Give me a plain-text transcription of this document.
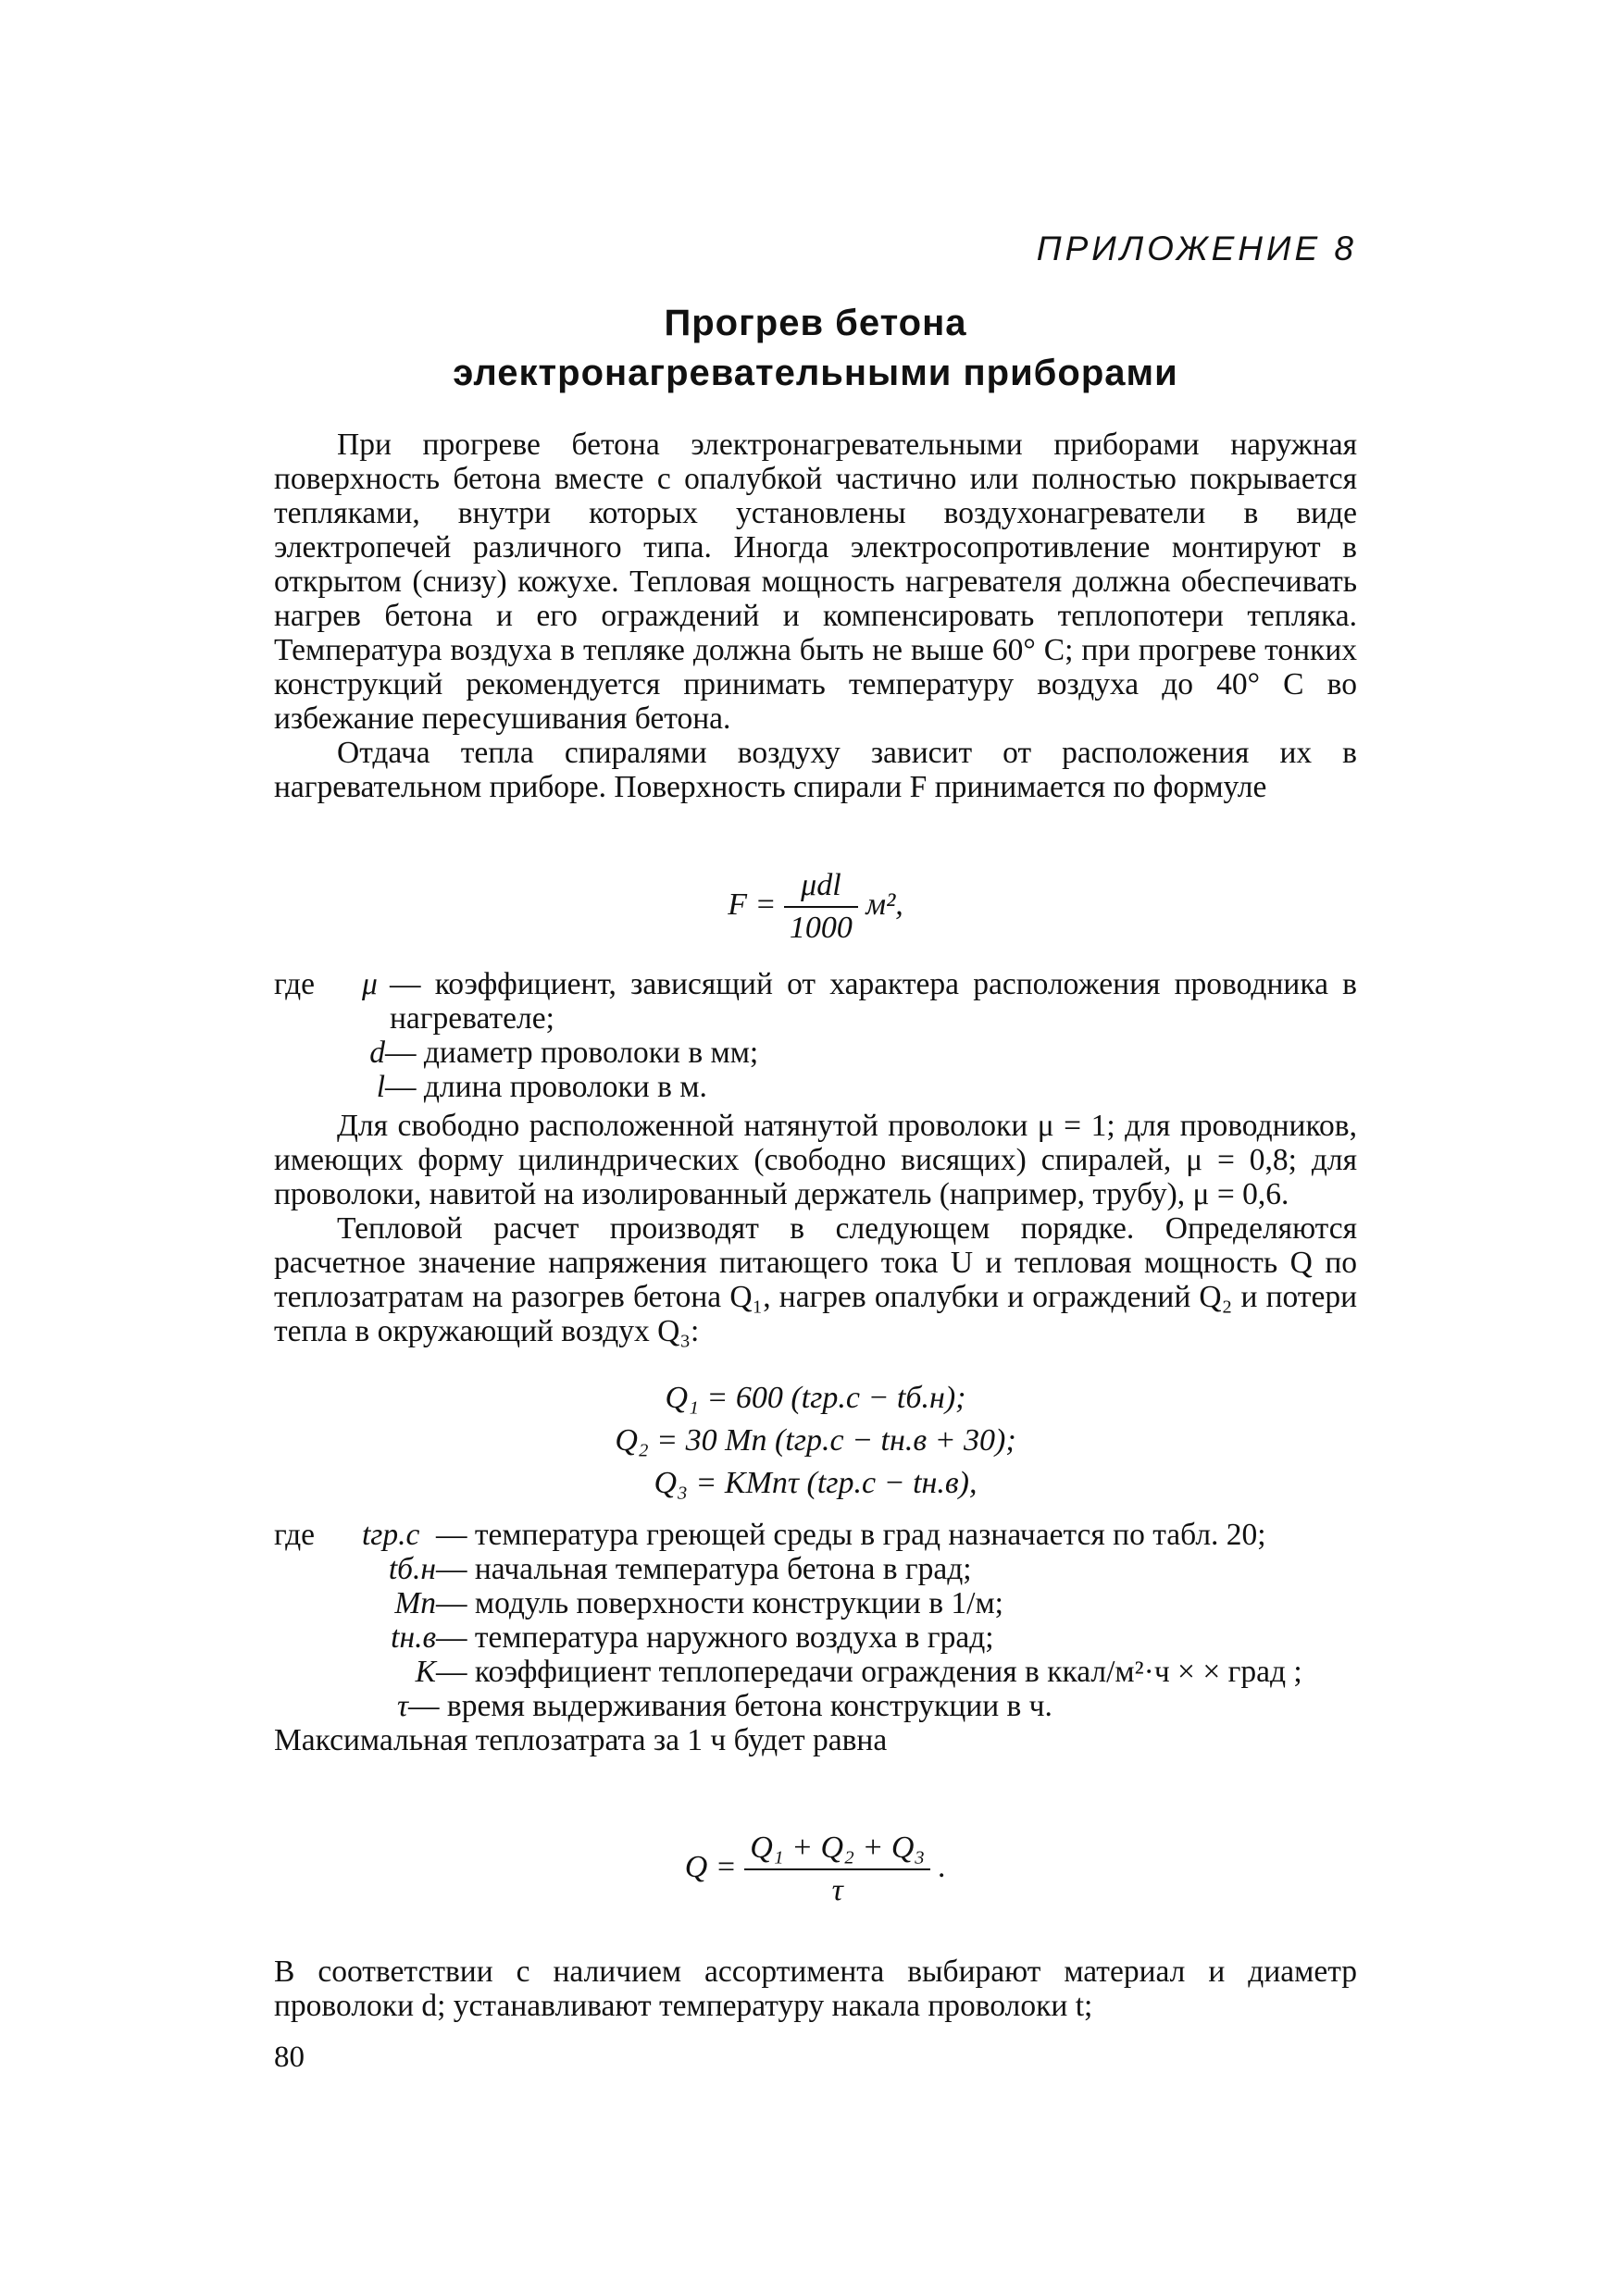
ПРИЛОЖЕНИЕ 8
Прогрев бетона
электронагревательными приборами

При прогреве бетона электронагревательными приборами наружная поверхность бетона вместе с опалубкой частично или полностью покрывается тепляками, внутри которых установлены воздухонагреватели в виде электропечей различного типа. Иногда электросопротивление монтируют в открытом (снизу) кожухе. Тепловая мощность нагревателя должна обеспечивать нагрев бетона и его ограждений и компенсировать теплопотери тепляка. Температура воздуха в тепляке должна быть не выше 60° С; при прогреве тонких конструкций рекомендуется принимать температуру воздуха до 40° С во избежание пересушивания бетона.

Отдача тепла спиралями воздуху зависит от расположения их в нагревательном приборе. Поверхность спирали F принимается по формуле

$F = \frac{\text{μdl}}{1000} м^2$,
где	μ — коэффициент, зависящий от характера расположения проводника в нагревателе;
d — диаметр проволоки в мм;
l — длина проволоки в м.

Для свободно расположенной натянутой проволоки μ = 1; для проводников, имеющих форму цилиндрических (свободно висящих) спиралей, μ = 0,8; для проволоки, навитой на изолированный держатель (например, трубу), μ = 0,6.

Тепловой расчет производят в следующем порядке. Определяются расчетное значение напряжения питающего тока U и тепловая мощность Q по теплозатратам на разогрев бетона Q₁, нагрев опалубки и ограждений Q₂ и потери тепла в окружающий воздух Q₃:

Q₁ = 600 (tгр.с − tб.н);
Q₂ = 30 Mп (tгр.с − tн.в + 30);
Q₃ = KMпτ (tгр.с − tн.в),
где	tгр.с — температура греющей среды в град назначается по табл. 20;
tб.н — начальная температура бетона в град;
Mп — модуль поверхности конструкции в 1/м;
tн.в — температура наружного воздуха в град;
K — коэффициент теплопередачи ограждения в ккал/м²·ч × × град ;
τ — время выдерживания бетона конструкции в ч.

Максимальная теплозатрата за 1 ч будет равна

$Q = \frac{\text{Q₁ + Q₂ + Q₃}}{\tau}$ .

В соответствии с наличием ассортимента выбирают материал и диаметр проволоки d; устанавливают температуру накала проволоки t;

80
